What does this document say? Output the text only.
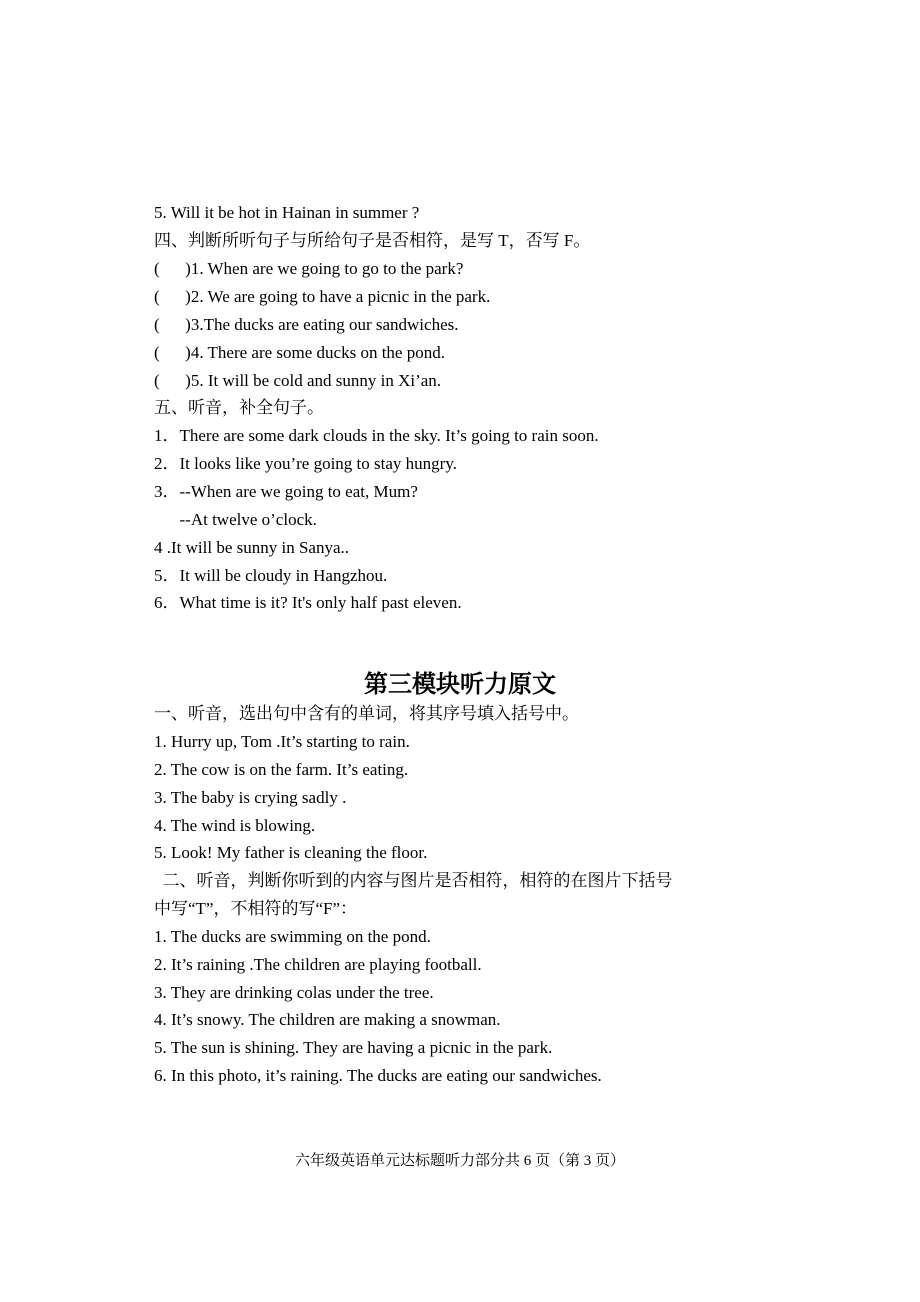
5. Will it be hot in Hainan in summer ?

四、判断所听句子与所给句子是否相符，是写 T，否写 F。

(      )1. When are we going to go to the park?

(      )2. We are going to have a picnic in the park.

(      )3.The ducks are eating our sandwiches.

(      )4. There are some ducks on the pond.

(      )5. It will be cold and sunny in Xi’an.

五、听音，补全句子。

1．There are some dark clouds in the sky. It’s going to rain soon.

2．It looks like you’re going to stay hungry.

3．--When are we going to eat, Mum?

--At twelve o’clock.

4 .It will be sunny in Sanya..

5．It will be cloudy in Hangzhou.

6．What time is it? It's only half past eleven.

第三模块听力原文

一、听音，选出句中含有的单词，将其序号填入括号中。

1. Hurry up, Tom .It’s starting to rain.

2. The cow is on the farm. It’s eating.

3. The baby is crying sadly .

4. The wind is blowing.

5. Look! My father is cleaning the floor.

二、听音，判断你听到的内容与图片是否相符，相符的在图片下括号

中写“T”，不相符的写“F”：

1. The ducks are swimming on the pond.

2. It’s raining .The children are playing football.

3. They are drinking colas under the tree.

4. It’s snowy. The children are making a snowman.

5. The sun is shining. They are having a picnic in the park.

6. In this photo, it’s raining. The ducks are eating our sandwiches.

六年级英语单元达标题听力部分共 6 页（第 3 页）
